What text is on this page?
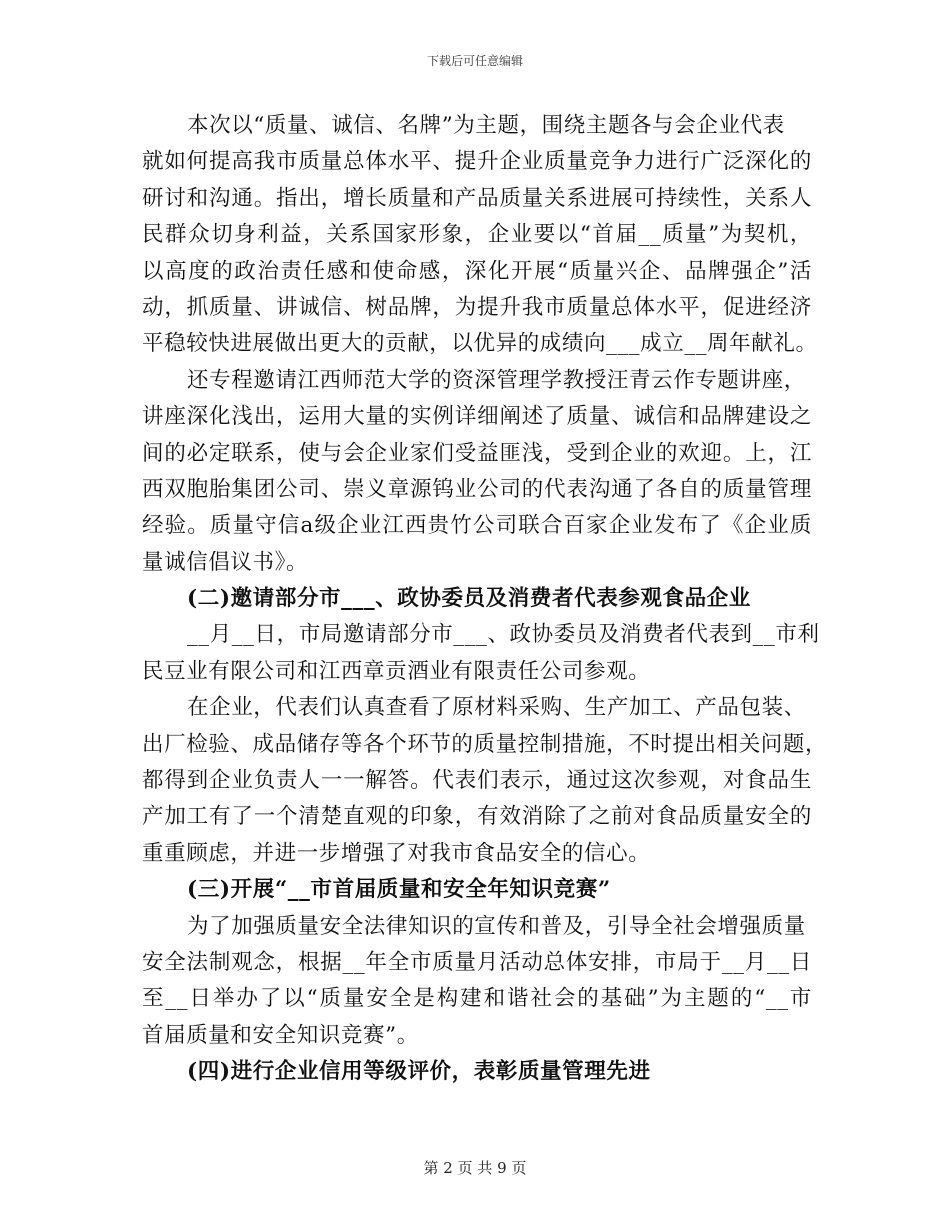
下载后可任意编辑
本次以“质量、诚信、名牌”为主题，围绕主题各与会企业代表
就如何提高我市质量总体水平、提升企业质量竞争力进行广泛深化的
研讨和沟通。指出，增长质量和产品质量关系进展可持续性，关系人
民群众切身利益，关系国家形象，企业要以“首届__质量”为契机，
以高度的政治责任感和使命感，深化开展“质量兴企、品牌强企”活
动，抓质量、讲诚信、树品牌，为提升我市质量总体水平，促进经济
平稳较快进展做出更大的贡献，以优异的成绩向___成立__周年献礼。
还专程邀请江西师范大学的资深管理学教授汪青云作专题讲座，
讲座深化浅出，运用大量的实例详细阐述了质量、诚信和品牌建设之
间的必定联系，使与会企业家们受益匪浅，受到企业的欢迎。上，江
西双胞胎集团公司、崇义章源钨业公司的代表沟通了各自的质量管理
经验。质量守信a级企业江西贵竹公司联合百家企业发布了《企业质
量诚信倡议书》。
(二)邀请部分市___、政协委员及消费者代表参观食品企业
__月__日，市局邀请部分市___、政协委员及消费者代表到__市利
民豆业有限公司和江西章贡酒业有限责任公司参观。
在企业，代表们认真查看了原材料采购、生产加工、产品包装、
出厂检验、成品储存等各个环节的质量控制措施，不时提出相关问题，
都得到企业负责人一一解答。代表们表示，通过这次参观，对食品生
产加工有了一个清楚直观的印象，有效消除了之前对食品质量安全的
重重顾虑，并进一步增强了对我市食品安全的信心。
(三)开展“__市首届质量和安全年知识竞赛”
为了加强质量安全法律知识的宣传和普及，引导全社会增强质量
安全法制观念，根据__年全市质量月活动总体安排，市局于__月__日
至__日举办了以“质量安全是构建和谐社会的基础”为主题的“__市
首届质量和安全知识竞赛”。
(四)进行企业信用等级评价，表彰质量管理先进
第 2 页 共 9 页
